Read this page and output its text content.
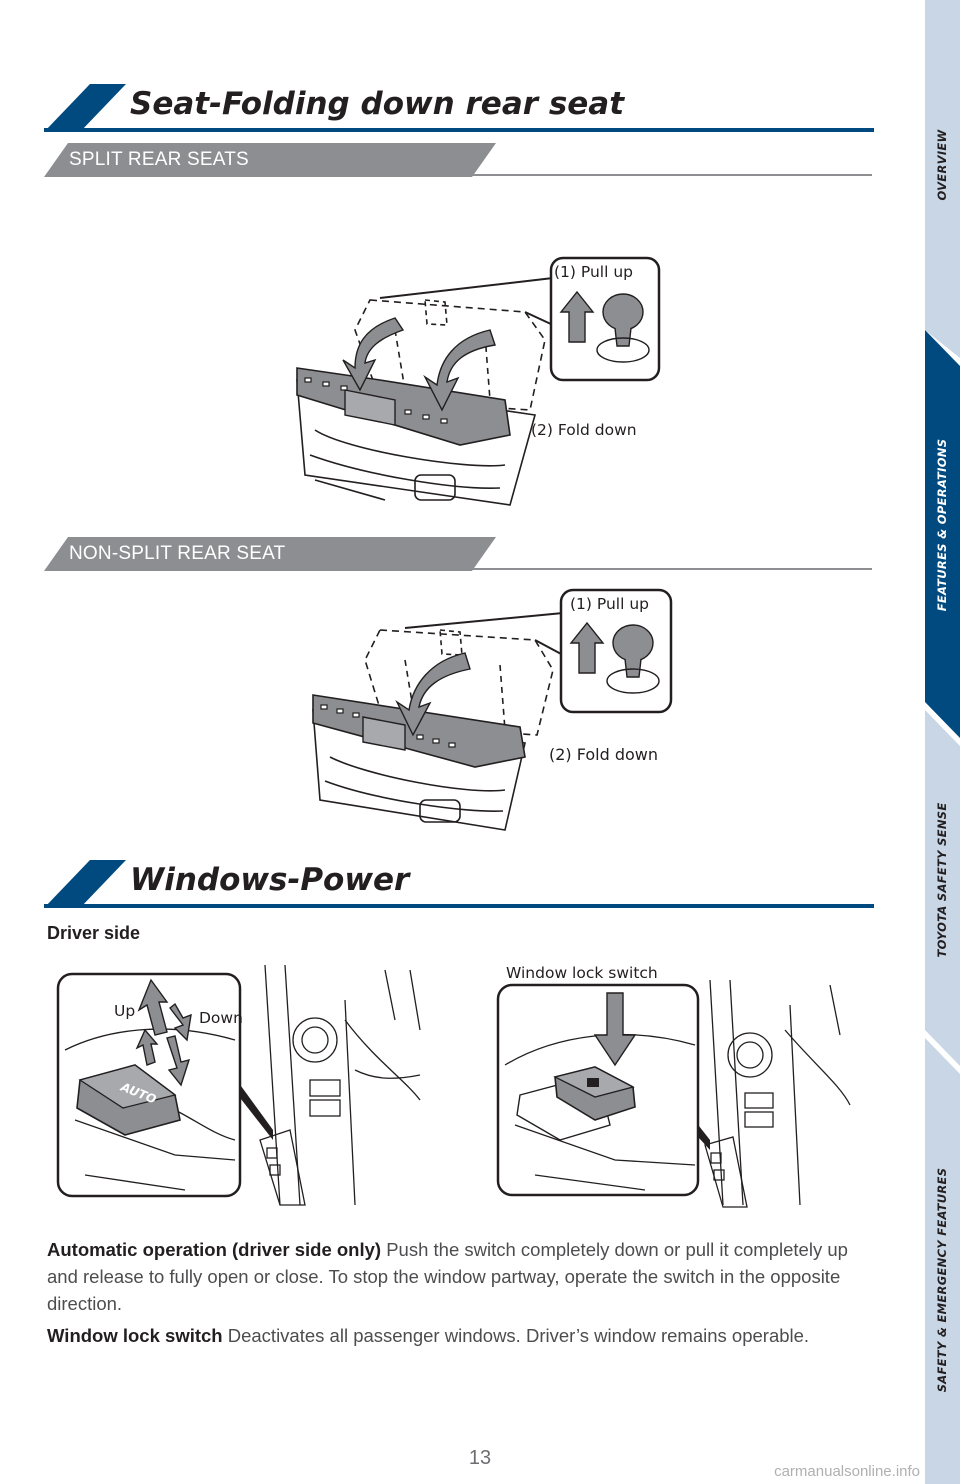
OVERVIEW
FEATURES & OPERATIONS
TOYOTA SAFETY SENSE
SAFETY & EMERGENCY FEATURES
Seat-Folding down rear seat
SPLIT REAR SEATS
(1) Pull up
(2) Fold down
NON-SPLIT REAR SEAT
(1) Pull up
(2) Fold down
Windows-Power
Driver side
AUTO
Up	Down
Window lock switch
Automatic operation (driver side only) Push the switch completely down or pull it completely up and release to fully open or close. To stop the window partway, operate the switch in the opposite direction.
Window lock switch Deactivates all passenger windows. Driver’s window remains operable.
13
carmanualsonline.info
